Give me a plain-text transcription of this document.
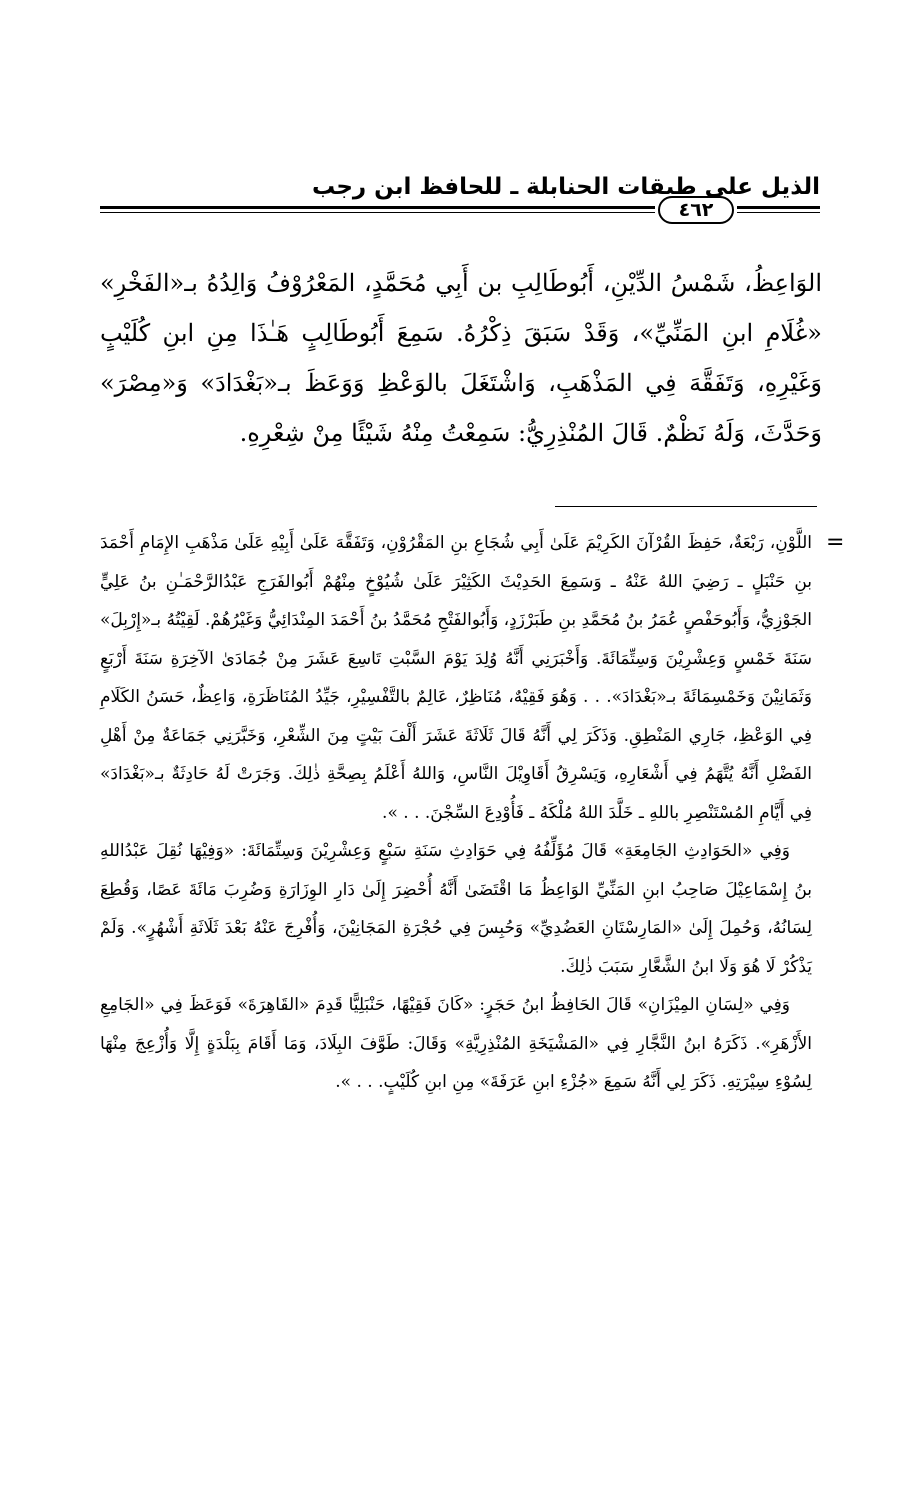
الذيل على طبقات الحنابلة ـ للحافظ ابن رجب
٤٦٢

الوَاعِظُ، شَمْسُ الدِّيْنِ، أَبُوطَالِبِ بن أَبِي مُحَمَّدٍ، المَعْرُوْفُ وَالِدُهُ بـ«الفَخْرِ» «غُلَامِ ابنِ المَنِّيِّ»، وَقَدْ سَبَقَ ذِكْرُهُ. سَمِعَ أَبُوطَالِبٍ هَـٰذَا مِنِ ابنِ كُلَيْبٍ وَغَيْرِهِ، وَتَفَقَّهَ فِي المَذْهَبِ، وَاشْتَغَلَ بالوَعْظِ وَوَعَظَ بـ«بَغْدَادَ» وَ«مِصْرَ» وَحَدَّثَ، وَلَهُ نَظْمٌ. قَالَ المُنْذِرِيُّ: سَمِعْتُ مِنْهُ شَيْئًا مِنْ شِعْرِهِ.

=

اللَّوْنِ، رَبْعَةٌ، حَفِظَ القُرْآنَ الكَرِيْمَ عَلَىٰ أَبِي شُجَاعِ بنِ المَقْرُوْنِ، وَتَفَقَّهَ عَلَىٰ أَبِيْهِ عَلَىٰ مَذْهَبِ الإِمَامِ أَحْمَدَ بنِ حَنْبَلٍ ـ رَضِيَ اللهُ عَنْهُ ـ وَسَمِعَ الحَدِيْثَ الكَثِيْرَ عَلَىٰ شُيُوْخٍ مِنْهُمْ أَبُوالفَرَجِ عَبْدُالرَّحْمَـٰنِ بنُ عَلِيٍّ الجَوْزِيُّ، وَأَبُوحَفْصٍ عُمَرُ بنُ مُحَمَّدِ بنِ طَبَرْزَدٍ، وَأَبُوالفَتْحِ مُحَمَّدُ بنُ أَحْمَدَ المِنْدَائِيُّ وَغَيْرُهُمْ. لَقِيْتُهُ بـ«إِرْبِلَ» سَنَةَ خَمْسٍ وَعِشْرِيْنَ وَسِتِّمَائَةَ. وَأَخْبَرَنِي أَنَّهُ وُلِدَ يَوْمَ السَّبْتِ تَاسِعَ عَشَرَ مِنْ جُمَادَىٰ الآخِرَةِ سَنَةَ أَرْبَعٍ وَثَمَانِيْنَ وَخَمْسِمَائَةَ بـ«بَغْدَادَ». . . وَهُوَ فَقِيْهٌ، مُنَاظِرٌ، عَالِمٌ بالتَّفْسِيْرِ، جَيِّدُ المُنَاظَرَةِ، وَاعِظٌ، حَسَنُ الكَلَامِ فِي الوَعْظِ، جَارِي المَنْطِقِ. وَذَكَرَ لِي أَنَّهُ قَالَ ثَلَاثَةَ عَشَرَ أَلْفَ بَيْتٍ مِنَ الشِّعْرِ، وَخَبَّرَنِي جَمَاعَةٌ مِنْ أَهْلِ الفَضْلِ أَنَّهُ يُتَّهَمُ فِي أَشْعَارِهِ، وَيَسْرِقُ أَقَاوِيْلَ النَّاسِ، وَاللهُ أَعْلَمُ بِصِحَّةِ ذٰلِكَ. وَجَرَتْ لَهُ حَادِثَةٌ بـ«بَغْدَادَ» فِي أَيَّامِ المُسْتَنْصِرِ باللهِ ـ خَلَّدَ اللهُ مُلْكَهُ ـ فَأُوْدِعَ السِّجْنَ. . . ».

وَفِي «الحَوَادِثِ الجَامِعَةِ» قَالَ مُؤَلِّفُهُ فِي حَوَادِثِ سَنَةِ سَبْعٍ وَعِشْرِيْنَ وَسِتِّمَائَةَ: «وَفِيْهَا نُقِلَ عَبْدُاللهِ بنُ إِسْمَاعِيْلَ صَاحِبُ ابنِ المَنِّيِّ الوَاعِظُ مَا اقْتَضَىٰ أَنَّهُ أُحْضِرَ إِلَىٰ دَارِ الوِزَارَةِ وَضُرِبَ مَائَةَ عَصًا، وَقُطِعَ لِسَانُهُ، وَحُمِلَ إِلَىٰ «المَارِسْتَانِ العَضُدِيِّ» وَحُبِسَ فِي حُجْرَةِ المَجَانِيْنَ، وَأُفْرِجَ عَنْهُ بَعْدَ ثَلَاثَةِ أَشْهُرٍ». وَلَمْ يَذْكُرْ لَا هُوَ وَلَا ابنُ الشَّعَّارِ سَبَبَ ذٰلِكَ.

وَفِي «لِسَانِ المِيْزَانِ» قَالَ الحَافِظُ ابنُ حَجَرٍ: «كَانَ فَقِيْهًا، حَنْبَلِيًّا قَدِمَ «القَاهِرَةَ» فَوَعَظَ فِي «الجَامِعِ الأَزْهَرِ». ذَكَرَهُ ابنُ النَّجَّارِ فِي «المَشْيَخَةِ المُنْذِرِيَّةِ» وَقَالَ: طَوَّفَ البِلَادَ، وَمَا أَقَامَ بِبَلْدَةٍ إِلَّا وَأُزْعِجَ مِنْهَا لِسُوْءِ سِيْرَتِهِ. ذَكَرَ لِي أَنَّهُ سَمِعَ «جُزْءِ ابنِ عَرَفَةَ» مِنِ ابنِ كُلَيْبٍ. . . ».
